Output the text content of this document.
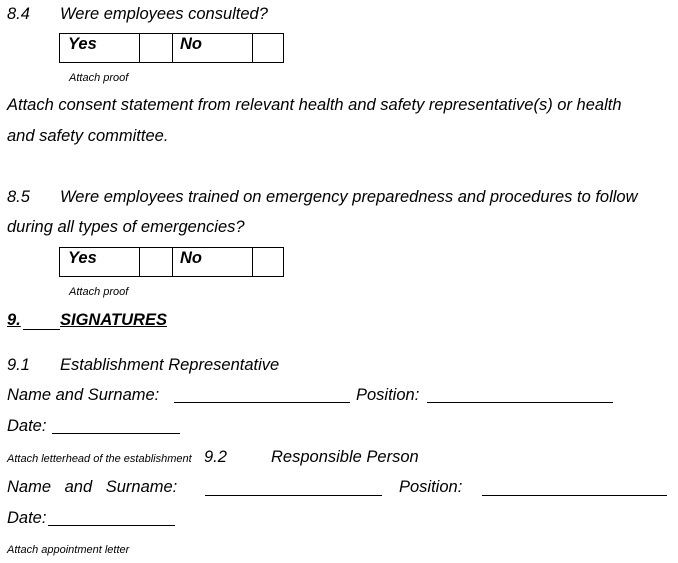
8.4 Were employees consulted?
Yes		No	
Attach proof
Attach consent statement from relevant health and safety representative(s) or health
and safety committee.
8.5 Were employees trained on emergency preparedness and procedures to follow
during all types of emergencies?
Yes		No	
Attach proof
9. SIGNATURES
9.1 Establishment Representative
Name and Surname:	Position:
Date:
Attach letterhead of the establishment 9.2	Responsible Person
Name and Surname:	Position:
Date:
Attach appointment letter
